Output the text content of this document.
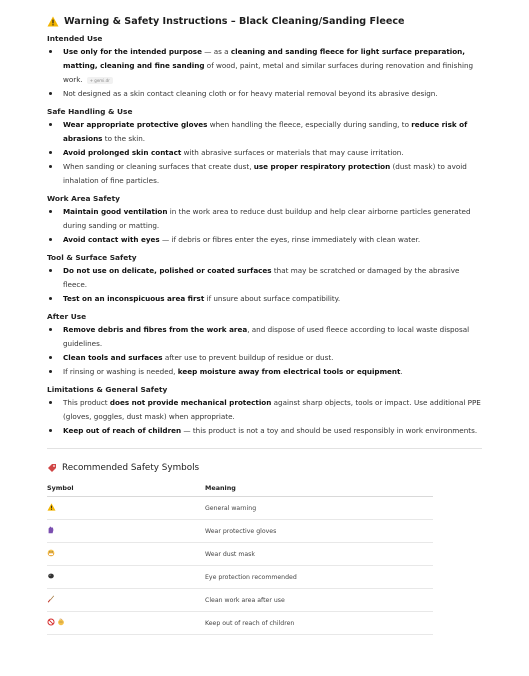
Warning & Safety Instructions – Black Cleaning/Sanding Fleece
Intended Use
Use only for the intended purpose — as a cleaning and sanding fleece for light surface preparation, matting, cleaning and fine sanding of wood, paint, metal and similar surfaces during renovation and finishing work. + gemi.dr
Not designed as a skin contact cleaning cloth or for heavy material removal beyond its abrasive design.
Safe Handling & Use
Wear appropriate protective gloves when handling the fleece, especially during sanding, to reduce risk of abrasions to the skin.
Avoid prolonged skin contact with abrasive surfaces or materials that may cause irritation.
When sanding or cleaning surfaces that create dust, use proper respiratory protection (dust mask) to avoid inhalation of fine particles.
Work Area Safety
Maintain good ventilation in the work area to reduce dust buildup and help clear airborne particles generated during sanding or matting.
Avoid contact with eyes — if debris or fibres enter the eyes, rinse immediately with clean water.
Tool & Surface Safety
Do not use on delicate, polished or coated surfaces that may be scratched or damaged by the abrasive fleece.
Test on an inconspicuous area first if unsure about surface compatibility.
After Use
Remove debris and fibres from the work area, and dispose of used fleece according to local waste disposal guidelines.
Clean tools and surfaces after use to prevent buildup of residue or dust.
If rinsing or washing is needed, keep moisture away from electrical tools or equipment.
Limitations & General Safety
This product does not provide mechanical protection against sharp objects, tools or impact. Use additional PPE (gloves, goggles, dust mask) when appropriate.
Keep out of reach of children — this product is not a toy and should be used responsibly in work environments.
Recommended Safety Symbols
Symbol	Meaning
	General warning
	Wear protective gloves
	Wear dust mask
	Eye protection recommended
	Clean work area after use

	Keep out of reach of children
